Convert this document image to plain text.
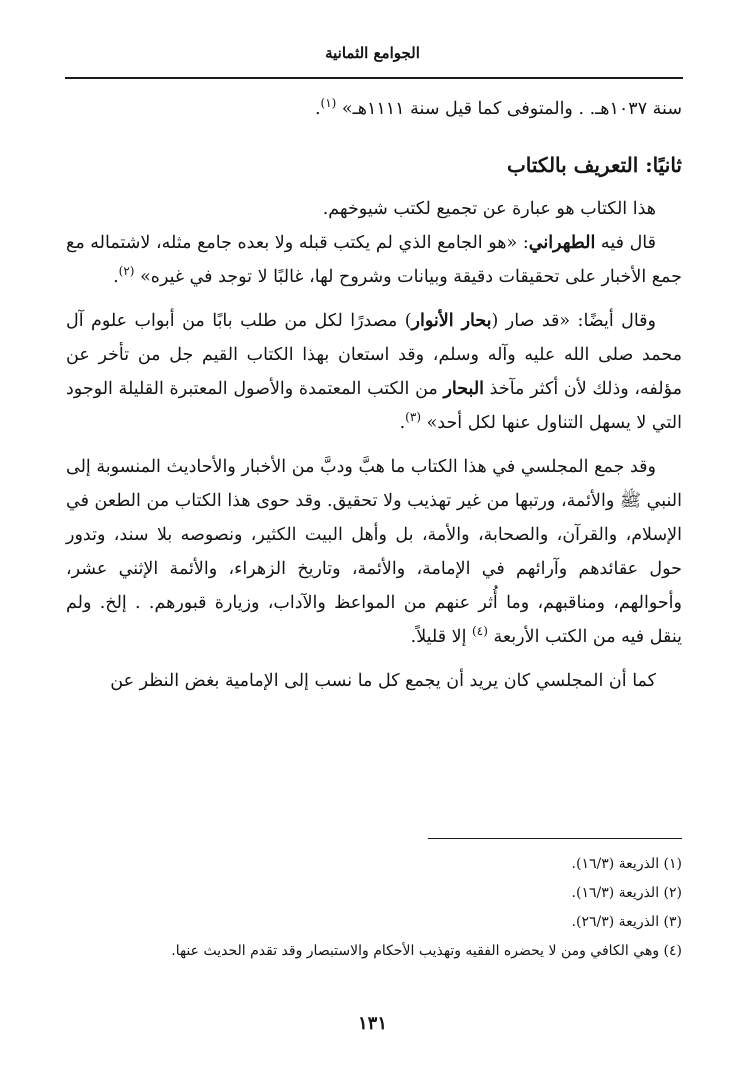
الجوامع الثمانية

سنة ١٠٣٧هـ. . والمتوفى كما قيل سنة ١١١١هـ» $^{(١)}$.

ثانيًا: التعريف بالكتاب

هذا الكتاب هو عبارة عن تجميع لكتب شيوخهم.

قال فيه الطهراني: «هو الجامع الذي لم يكتب قبله ولا بعده جامع مثله، لاشتماله مع جمع الأخبار على تحقيقات دقيقة وبيانات وشروح لها، غالبًا لا توجد في غيره» $^{(٢)}$.

وقال أيضًا: «قد صار (بحار الأنوار) مصدرًا لكل من طلب بابًا من أبواب علوم آل محمد صلى الله عليه وآله وسلم، وقد استعان بهذا الكتاب القيم جل من تأخر عن مؤلفه، وذلك لأن أكثر مآخذ البحار من الكتب المعتمدة والأصول المعتبرة القليلة الوجود التي لا يسهل التناول عنها لكل أحد» $^{(٣)}$.

وقد جمع المجلسي في هذا الكتاب ما هبَّ ودبَّ من الأخبار والأحاديث المنسوبة إلى النبي ﷺ والأئمة، ورتبها من غير تهذيب ولا تحقيق. وقد حوى هذا الكتاب من الطعن في الإسلام، والقرآن، والصحابة، والأمة، بل وأهل البيت الكثير، ونصوصه بلا سند، وتدور حول عقائدهم وآرائهم في الإمامة، والأئمة، وتاريخ الزهراء، والأئمة الإثني عشر، وأحوالهم، ومناقبهم، وما أُثر عنهم من المواعظ والآداب، وزيارة قبورهم. . إلخ. ولم ينقل فيه من الكتب الأربعة $^{(٤)}$ إلا قليلاً.

كما أن المجلسي كان يريد أن يجمع كل ما نسب إلى الإمامية بغض النظر عن

(١) الذريعة (١٦/٣).
(٢) الذريعة (١٦/٣).
(٣) الذريعة (٢٦/٣).
(٤) وهي الكافي ومن لا يحضره الفقيه وتهذيب الأحكام والاستبصار وقد تقدم الحديث عنها.
١٣١
